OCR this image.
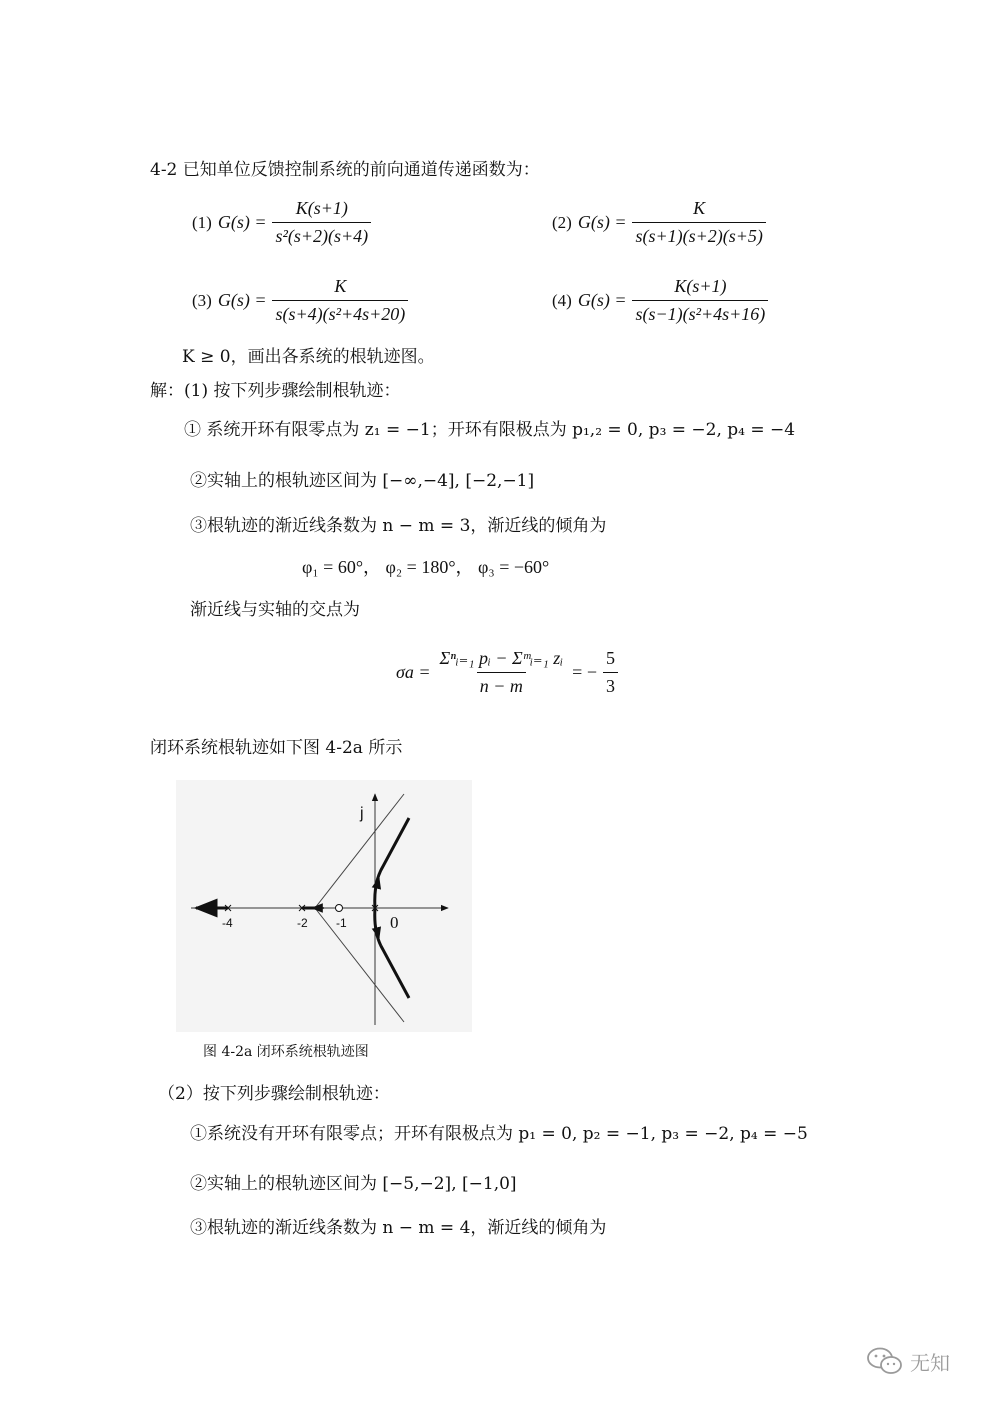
4-2 已知单位反馈控制系统的前向通道传递函数为：
(1) $G(s) = \frac{K(s+1)}{\text{s²(s+2)(s+4)}}$	(2) $G(s) = \frac{K}{s(s+1)(s+2)(s+5)}$
(3) $G(s) = \frac{K}{\text{s(s+4)(s²+4s+20)}}$	(4) $G(s) = \frac{K(s+1)}{\text{s(s−1)(s²+4s+16)}}$
K ≥ 0，画出各系统的根轨迹图。
解：(1) 按下列步骤绘制根轨迹：
① 系统开环有限零点为 z₁ = −1；开环有限极点为 p₁,₂ = 0, p₃ = −2, p₄ = −4
②实轴上的根轨迹区间为 [−∞,−4], [−2,−1]
③根轨迹的渐近线条数为 n − m = 3，渐近线的倾角为
φ₁ = 60°， φ₂ = 180°， φ₃ = −60°
渐近线与实轴的交点为
$\sigma a = \frac{\text{Σⁿᵢ₌₁ pᵢ − Σᵐᵢ₌₁ zᵢ}}{n - m}$ = − $\frac{5}{3}$
闭环系统根轨迹如下图 4-2a 所示
j
-4	-2 -1	0
图 4-2a 闭环系统根轨迹图
（2）按下列步骤绘制根轨迹：
①系统没有开环有限零点；开环有限极点为 p₁ = 0, p₂ = −1, p₃ = −2, p₄ = −5
②实轴上的根轨迹区间为 [−5,−2], [−1,0]
③根轨迹的渐近线条数为 n − m = 4，渐近线的倾角为
无知
